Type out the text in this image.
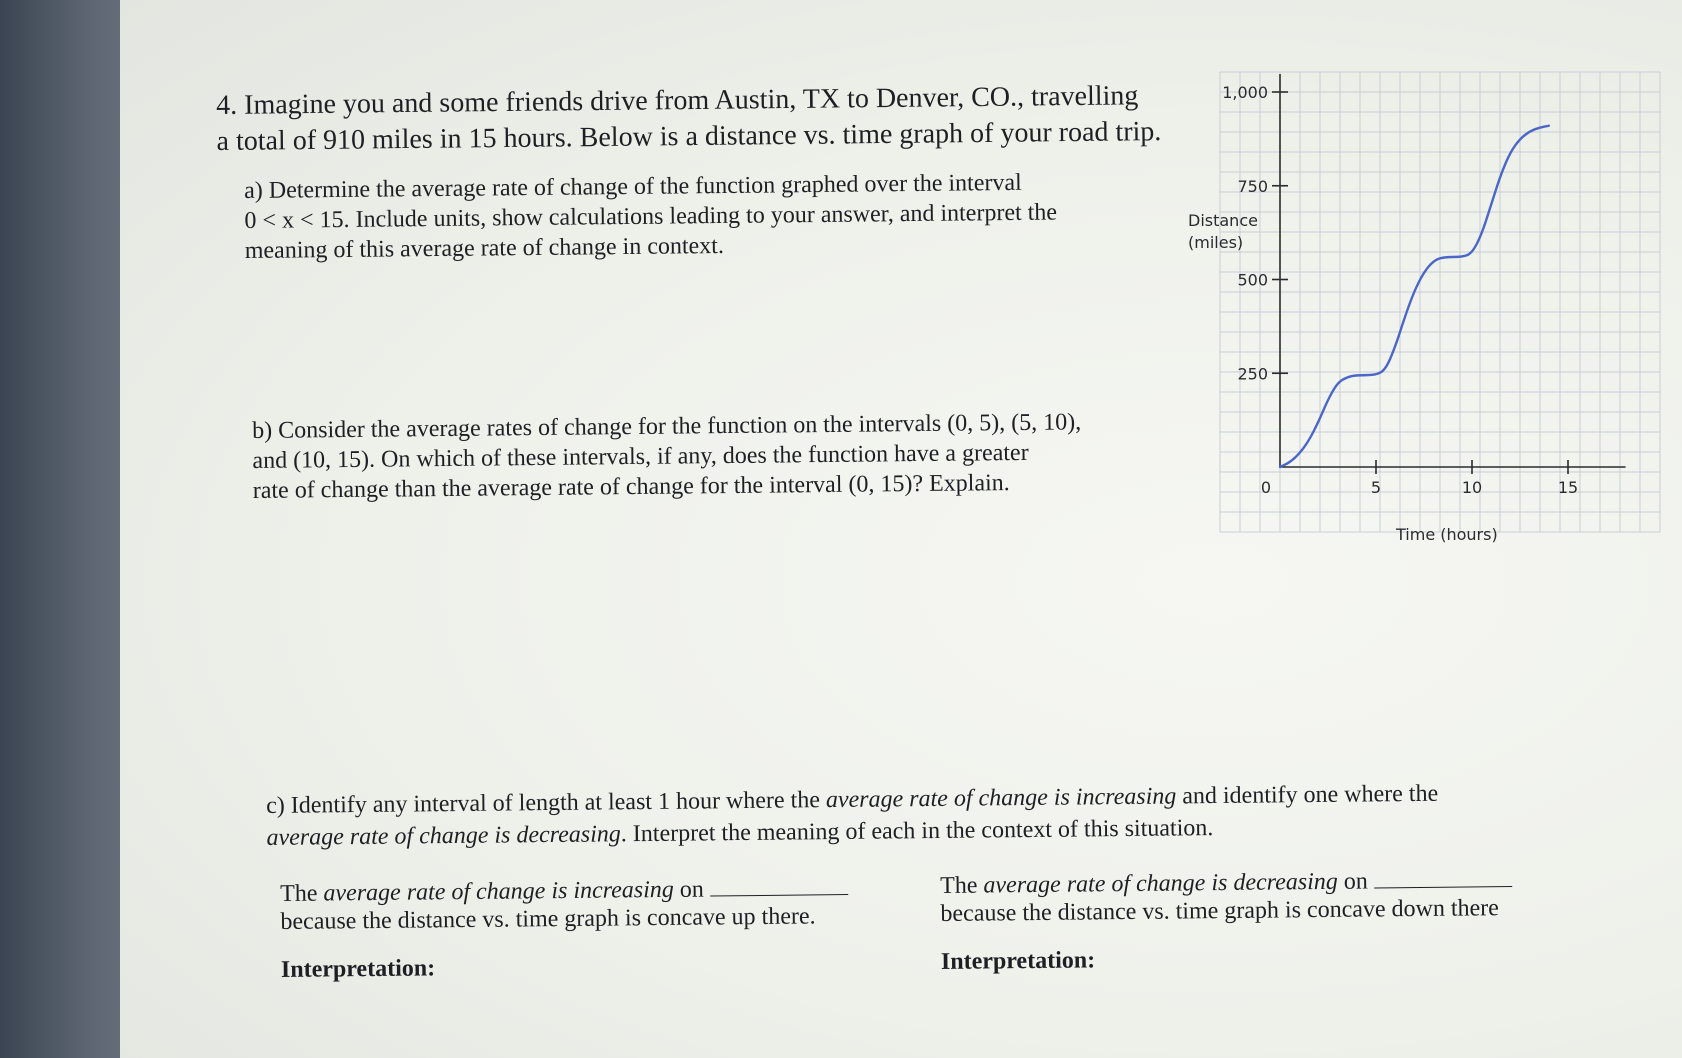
4. Imagine you and some friends drive from Austin, TX to Denver, CO., travelling
a total of 910 miles in 15 hours. Below is a distance vs. time graph of your road trip.
a) Determine the average rate of change of the function graphed over the interval
0 < x < 15. Include units, show calculations leading to your answer, and interpret the
meaning of this average rate of change in context.
b) Consider the average rates of change for the function on the intervals (0, 5), (5, 10),
and (10, 15). On which of these intervals, if any, does the function have a greater
rate of change than the average rate of change for the interval (0, 15)? Explain.
c) Identify any interval of length at least 1 hour where the average rate of change is increasing and identify one where the
average rate of change is decreasing. Interpret the meaning of each in the context of this situation.
The average rate of change is increasing on
because the distance vs. time graph is concave up there.
Interpretation:
The average rate of change is decreasing on
because the distance vs. time graph is concave down there
Interpretation:
250
500
750
1,000
0	5	10	15
Distance
(miles)
Time (hours)
